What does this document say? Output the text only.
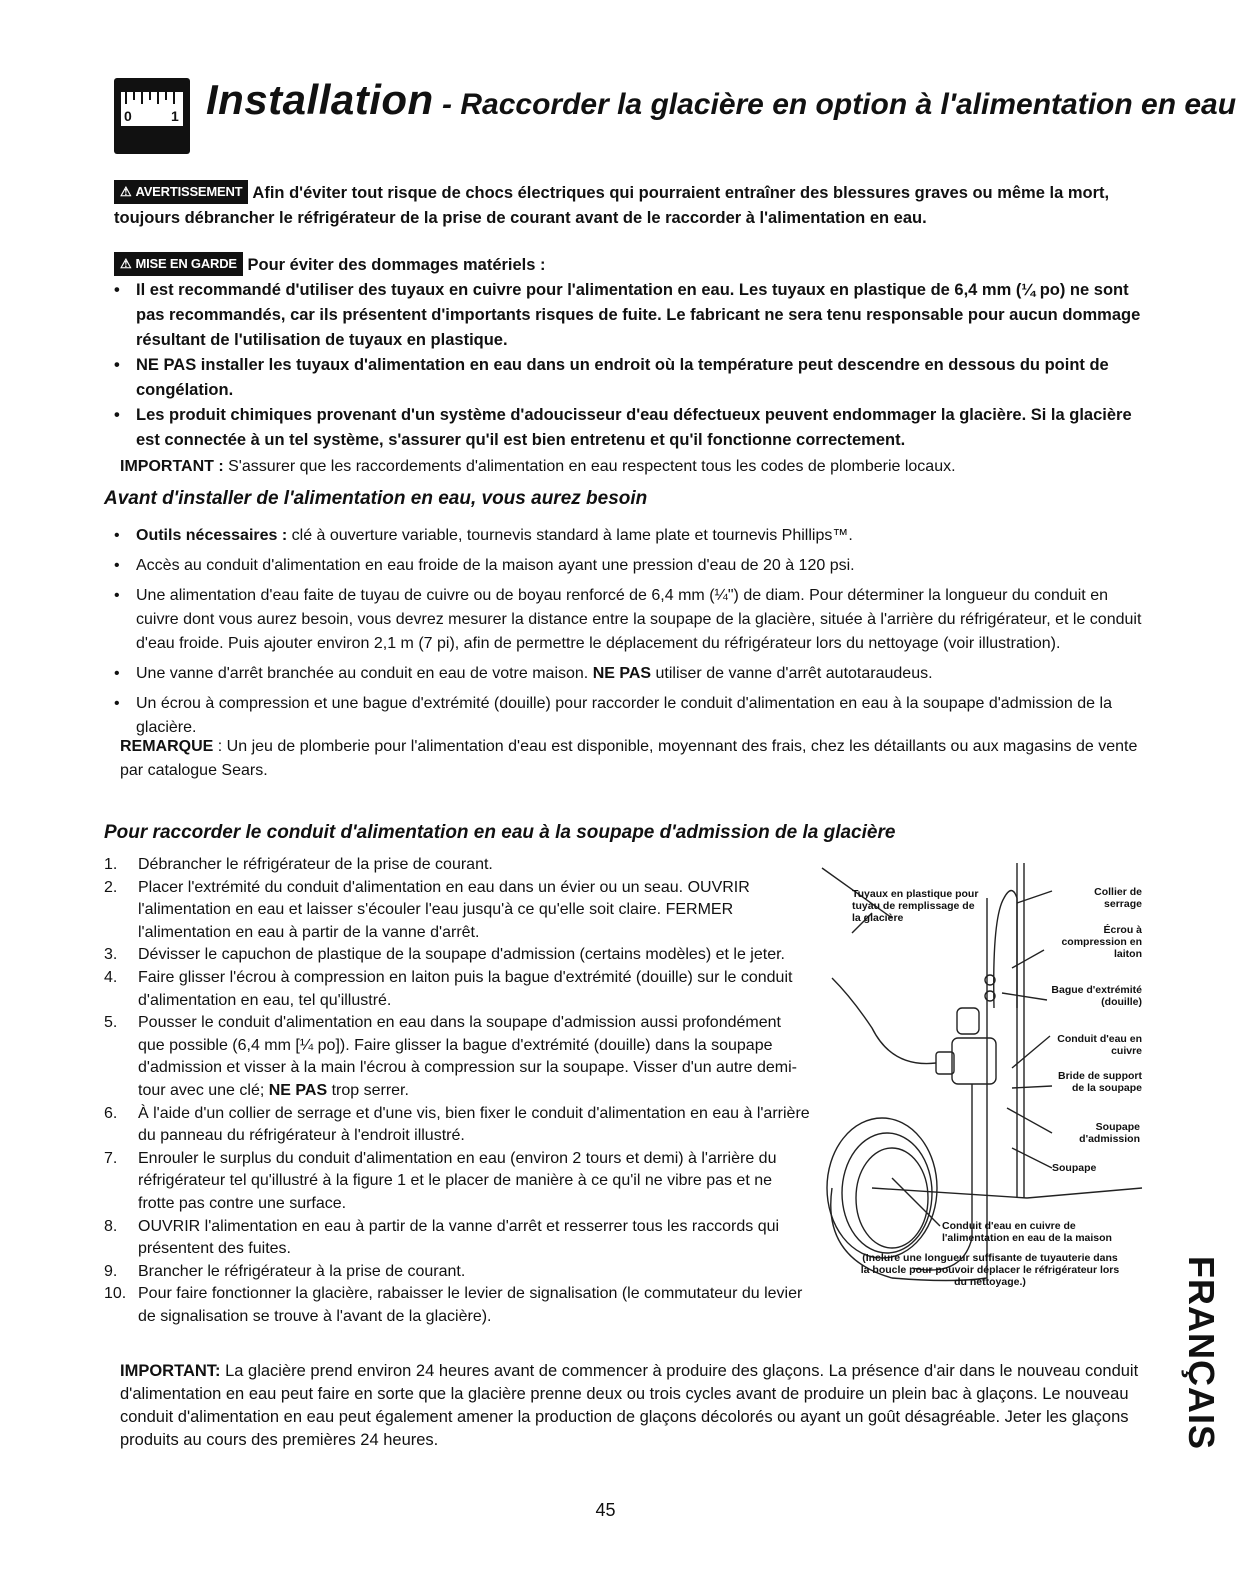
0	1 Installation - Raccorder la glacière en option à l'alimentation en eau
⚠ AVERTISSEMENT Afin d'éviter tout risque de chocs électriques qui pourraient entraîner des blessures graves ou même la mort, toujours débrancher le réfrigérateur de la prise de courant avant de le raccorder à l'alimentation en eau.
⚠ MISE EN GARDE Pour éviter des dommages matériels :
• Il est recommandé d'utiliser des tuyaux en cuivre pour l'alimentation en eau. Les tuyaux en plastique de 6,4 mm (¼ po) ne sont pas recommandés, car ils présentent d'importants risques de fuite. Le fabricant ne sera tenu responsable pour aucun dommage résultant de l'utilisation de tuyaux en plastique.
• NE PAS installer les tuyaux d'alimentation en eau dans un endroit où la température peut descendre en dessous du point de congélation.
• Les produit chimiques provenant d'un système d'adoucisseur d'eau défectueux peuvent endommager la glacière. Si la glacière est connectée à un tel système, s'assurer qu'il est bien entretenu et qu'il fonctionne correctement.
IMPORTANT : S'assurer que les raccordements d'alimentation en eau respectent tous les codes de plomberie locaux.
Avant d'installer de l'alimentation en eau, vous aurez besoin
• Outils nécessaires : clé à ouverture variable, tournevis standard à lame plate et tournevis Phillips™.
• Accès au conduit d'alimentation en eau froide de la maison ayant une pression d'eau de 20 à 120 psi.
• Une alimentation d'eau faite de tuyau de cuivre ou de boyau renforcé de 6,4 mm (¼") de diam. Pour déterminer la longueur du conduit en cuivre dont vous aurez besoin, vous devrez mesurer la distance entre la soupape de la glacière, située à l'arrière du réfrigérateur, et le conduit d'eau froide. Puis ajouter environ 2,1 m (7 pi), afin de permettre le déplacement du réfrigérateur lors du nettoyage (voir illustration).
• Une vanne d'arrêt branchée au conduit en eau de votre maison. NE PAS utiliser de vanne d'arrêt autotaraudeus.
• Un écrou à compression et une bague d'extrémité (douille) pour raccorder le conduit d'alimentation en eau à la soupape d'admission de la glacière.
REMARQUE : Un jeu de plomberie pour l'alimentation d'eau est disponible, moyennant des frais, chez les détaillants ou aux magasins de vente par catalogue Sears.
Pour raccorder le conduit d'alimentation en eau à la soupape d'admission de la glacière
1. Débrancher le réfrigérateur de la prise de courant.
2. Placer l'extrémité du conduit d'alimentation en eau dans un évier ou un seau. OUVRIR l'alimentation en eau et laisser s'écouler l'eau jusqu'à ce qu'elle soit claire. FERMER l'alimentation en eau à partir de la vanne d'arrêt.
3. Dévisser le capuchon de plastique de la soupape d'admission (certains modèles) et le jeter.
4. Faire glisser l'écrou à compression en laiton puis la bague d'extrémité (douille) sur le conduit d'alimentation en eau, tel qu'illustré.
5. Pousser le conduit d'alimentation en eau dans la soupape d'admission aussi profondément que possible (6,4 mm [¼ po]). Faire glisser la bague d'extrémité (douille) dans la soupape d'admission et visser à la main l'écrou à compression sur la soupape. Visser d'un autre demi-tour avec une clé; NE PAS trop serrer.
6. À l'aide d'un collier de serrage et d'une vis, bien fixer le conduit d'alimentation en eau à l'arrière du panneau du réfrigérateur à l'endroit illustré.
7. Enrouler le surplus du conduit d'alimentation en eau (environ 2 tours et demi) à l'arrière du réfrigérateur tel qu'illustré à la figure 1 et le placer de manière à ce qu'il ne vibre pas et ne frotte pas contre une surface.
8. OUVRIR l'alimentation en eau à partir de la vanne d'arrêt et resserrer tous les raccords qui présentent des fuites.
9. Brancher le réfrigérateur à la prise de courant.
10. Pour faire fonctionner la glacière, rabaisser le levier de signalisation (le commutateur du levier de signalisation se trouve à l'avant de la glacière).
Tuyaux en plastique pour tuyau de remplissage de la glacière
Collier de serrage
Écrou à compression en laiton
Bague d'extrémité (douille)
Conduit d'eau en cuivre
Bride de support de la soupape
Soupape d'admission
Soupape
Conduit d'eau en cuivre de l'alimentation en eau de la maison
(Inclure une longueur suffisante de tuyauterie dans la boucle pour pouvoir déplacer le réfrigérateur lors du nettoyage.)
IMPORTANT: La glacière prend environ 24 heures avant de commencer à produire des glaçons. La présence d'air dans le nouveau conduit d'alimentation en eau peut faire en sorte que la glacière prenne deux ou trois cycles avant de produire un plein bac à glaçons. Le nouveau conduit d'alimentation en eau peut également amener la production de glaçons décolorés ou ayant un goût désagréable. Jeter les glaçons produits au cours des premières 24 heures.	FRANÇAIS
45
